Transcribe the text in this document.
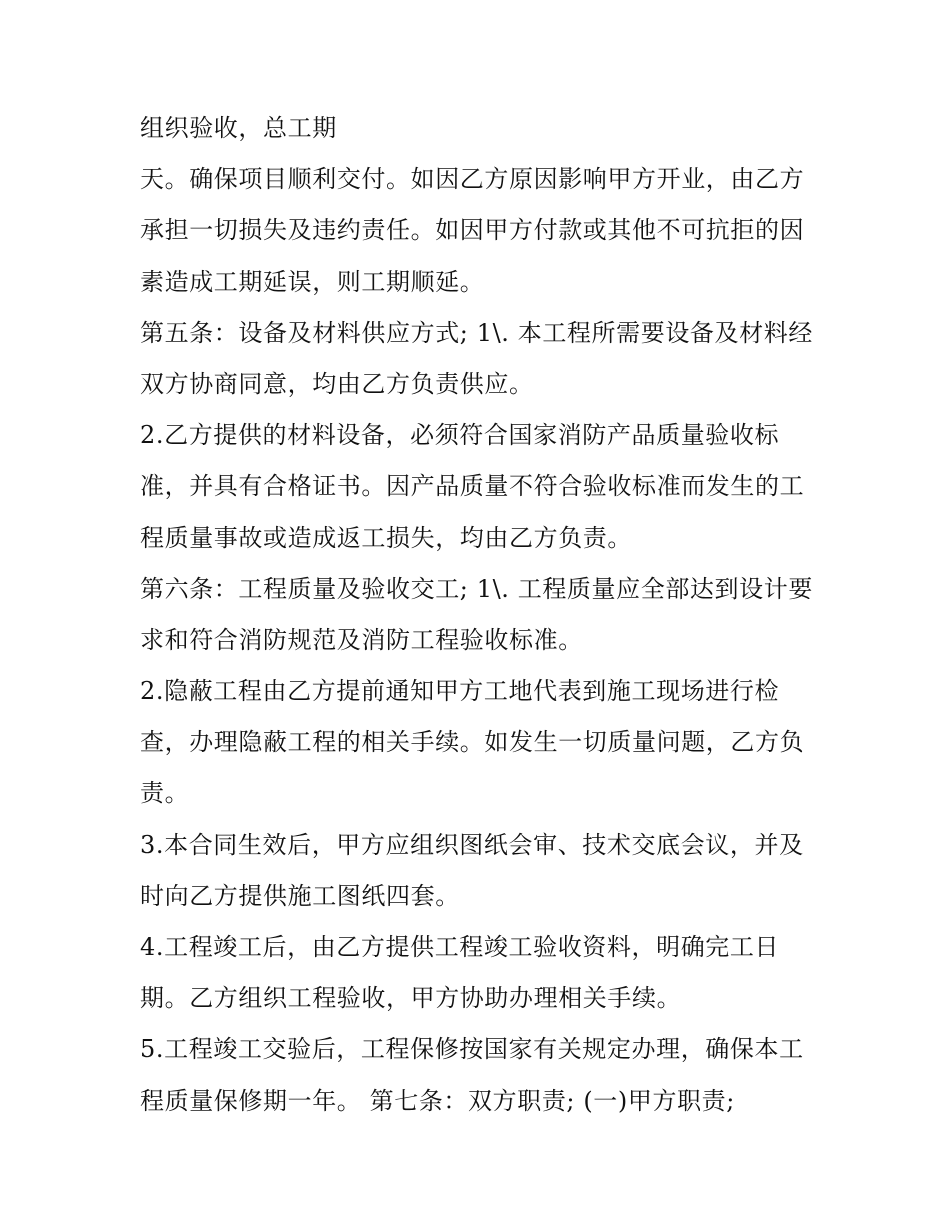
组织验收，总工期
天。确保项目顺利交付。如因乙方原因影响甲方开业，由乙方
承担一切损失及违约责任。如因甲方付款或其他不可抗拒的因
素造成工期延误，则工期顺延。
第五条：设备及材料供应方式; 1\. 本工程所需要设备及材料经
双方协商同意，均由乙方负责供应。
2.乙方提供的材料设备，必须符合国家消防产品质量验收标
准，并具有合格证书。因产品质量不符合验收标准而发生的工
程质量事故或造成返工损失，均由乙方负责。
第六条：工程质量及验收交工; 1\. 工程质量应全部达到设计要
求和符合消防规范及消防工程验收标准。
2.隐蔽工程由乙方提前通知甲方工地代表到施工现场进行检
查，办理隐蔽工程的相关手续。如发生一切质量问题，乙方负
责。
3.本合同生效后，甲方应组织图纸会审、技术交底会议，并及
时向乙方提供施工图纸四套。
4.工程竣工后，由乙方提供工程竣工验收资料，明确完工日
期。乙方组织工程验收，甲方协助办理相关手续。
5.工程竣工交验后，工程保修按国家有关规定办理，确保本工
程质量保修期一年。 第七条：双方职责; (一)甲方职责;
